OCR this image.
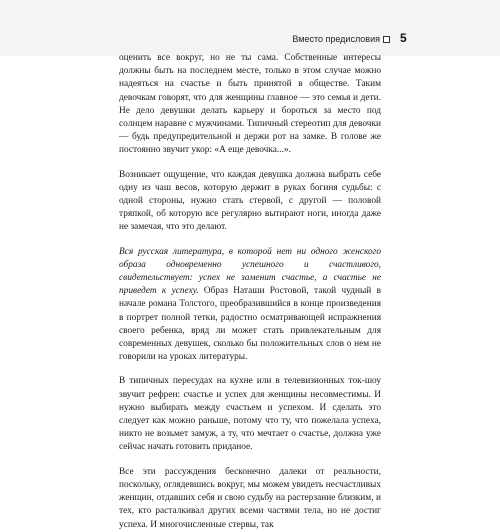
Вместо предисловия 5

оценить все вокруг, но не ты сама. Собственные интересы должны быть на последнем месте, только в этом случае можно надеяться на счастье и быть принятой в обществе. Таким девочкам говорят, что для женщины главное — это семья и дети. Не дело девушки делать карьеру и бороться за место под солнцем наравне с мужчинами. Типичный стереотип для девочки — будь предупредительной и держи рот на замке. В голове же постоянно звучит укор: «А еще девочка...».

Возникает ощущение, что каждая девушка должна выбрать себе одну из чаш весов, которую держит в руках богиня судьбы: с одной стороны, нужно стать стервой, с другой — половой тряпкой, об которую все регулярно вытирают ноги, иногда даже не замечая, что это делают.

Вся русская литература, в которой нет ни одного женского образа одновременно успешного и счастливого, свидетельствует: успех не заменит счастье, а счастье не приведет к успеху. Образ Наташи Ростовой, такой чудный в начале романа Толстого, преобразившийся в конце произведения в портрет полной тетки, радостно осматривающей испражнения своего ребенка, вряд ли может стать привлекательным для современных девушек, сколько бы положительных слов о нем не говорили на уроках литературы.

В типичных пересудах на кухне или в телевизионных ток-шоу звучит рефрен: счастье и успех для женщины несовместимы. И нужно выбирать между счастьем и успехом. И сделать это следует как можно раньше, потому что ту, что пожелала успеха, никто не возьмет замуж, а ту, что мечтает о счастье, должна уже сейчас начать готовить приданое.

Все эти рассуждения бесконечно далеки от реальности, поскольку, оглядевшись вокруг, мы можем увидеть несчастливых женщин, отдавших себя и свою судьбу на растерзание близким, и тех, кто расталкивал других всеми частями тела, но не достиг успеха. И многочисленные стервы, так
